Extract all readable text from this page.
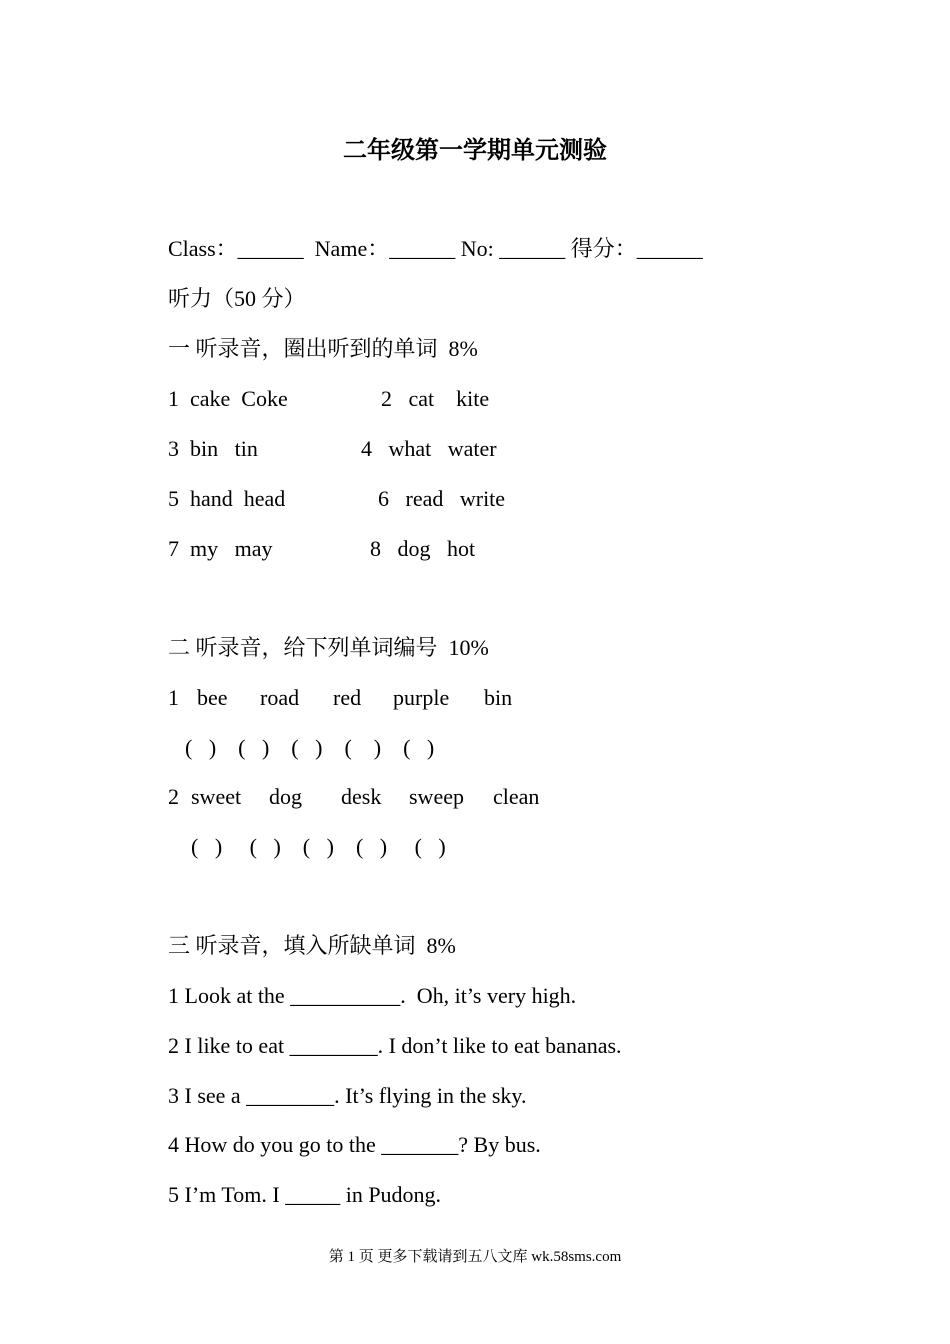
二年级第一学期单元测验
Class：______  Name：______ No: ______ 得分：______
听力（50 分）
一 听录音，圈出听到的单词  8%
1  cake  Coke	2   cat    kite
3  bin   tin	4   what   water
5  hand  head	6   read   write
7  my   may	8   dog   hot
二 听录音，给下列单词编号  10%
1 bee road red purple bin
(   )    (   )    (   )    (    )    (   )
2 sweet dog desk sweep clean
(   )     (   )    (   )    (   )     (   )
三 听录音，填入所缺单词  8%
1 Look at the __________.  Oh, it’s very high.
2 I like to eat ________. I don’t like to eat bananas.
3 I see a ________. It’s flying in the sky.
4 How do you go to the _______? By bus.
5 I’m Tom. I _____ in Pudong.
第 1 页 更多下载请到五八文库 wk.58sms.com
